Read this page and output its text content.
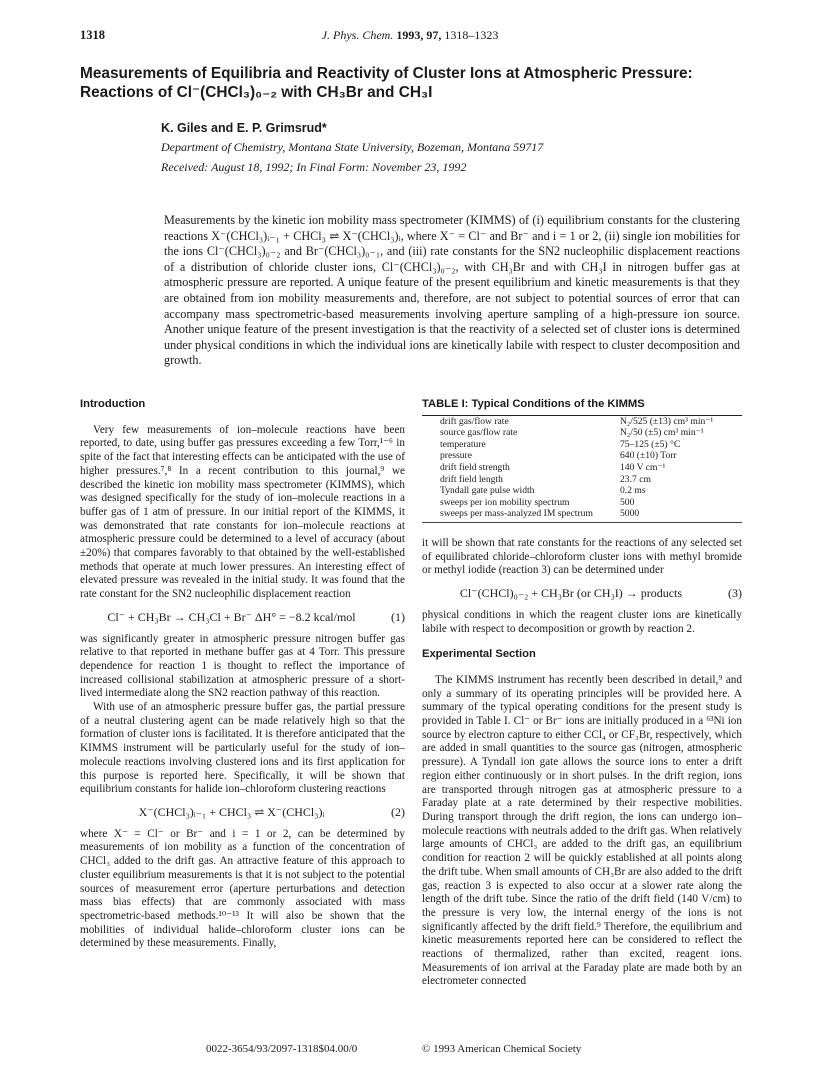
1318	J. Phys. Chem. 1993, 97, 1318–1323
Measurements of Equilibria and Reactivity of Cluster Ions at Atmospheric Pressure: Reactions of Cl⁻(CHCl₃)₀₋₂ with CH₃Br and CH₃I
K. Giles and E. P. Grimsrud*
Department of Chemistry, Montana State University, Bozeman, Montana 59717
Received: August 18, 1992; In Final Form: November 23, 1992
Measurements by the kinetic ion mobility mass spectrometer (KIMMS) of (i) equilibrium constants for the clustering reactions X⁻(CHCl₃)ᵢ₋₁ + CHCl₃ ⇌ X⁻(CHCl₃)ᵢ, where X⁻ = Cl⁻ and Br⁻ and i = 1 or 2, (ii) single ion mobilities for the ions Cl⁻(CHCl₃)₀₋₂ and Br⁻(CHCl₃)₀₋₁, and (iii) rate constants for the SN2 nucleophilic displacement reactions of a distribution of chloride cluster ions, Cl⁻(CHCl₃)₀₋₂, with CH₃Br and with CH₃I in nitrogen buffer gas at atmospheric pressure are reported. A unique feature of the present equilibrium and kinetic measurements is that they are obtained from ion mobility measurements and, therefore, are not subject to potential sources of error that can accompany mass spectrometric-based measurements involving aperture sampling of a high-pressure ion source. Another unique feature of the present investigation is that the reactivity of a selected set of cluster ions is determined under physical conditions in which the individual ions are kinetically labile with respect to cluster decomposition and growth.
Introduction

Very few measurements of ion–molecule reactions have been reported, to date, using buffer gas pressures exceeding a few Torr,¹⁻⁶ in spite of the fact that interesting effects can be anticipated with the use of higher pressures.⁷,⁸ In a recent contribution to this journal,⁹ we described the kinetic ion mobility mass spectrometer (KIMMS), which was designed specifically for the study of ion–molecule reactions in a buffer gas of 1 atm of pressure. In our initial report of the KIMMS, it was demonstrated that rate constants for ion–molecule reactions at atmospheric pressure could be determined to a level of accuracy (about ±20%) that compares favorably to that obtained by the well-established methods that operate at much lower pressures. An interesting effect of elevated pressure was revealed in the initial study. It was found that the rate constant for the SN2 nucleophilic displacement reaction

Cl⁻ + CH₃Br → CH₃Cl + Br⁻ ΔH° = −8.2 kcal/mol	(1)

was significantly greater in atmospheric pressure nitrogen buffer gas relative to that reported in methane buffer gas at 4 Torr. This pressure dependence for reaction 1 is thought to reflect the importance of increased collisional stabilization at atmospheric pressure of a short-lived intermediate along the SN2 reaction pathway of this reaction.

With use of an atmospheric pressure buffer gas, the partial pressure of a neutral clustering agent can be made relatively high so that the formation of cluster ions is facilitated. It is therefore anticipated that the KIMMS instrument will be particularly useful for the study of ion–molecule reactions involving clustered ions and its first application for this purpose is reported here. Specifically, it will be shown that equilibrium constants for halide ion–chloroform clustering reactions

X⁻(CHCl₃)ᵢ₋₁ + CHCl₃ ⇌ X⁻(CHCl₃)ᵢ	(2)

where X⁻ = Cl⁻ or Br⁻ and i = 1 or 2, can be determined by measurements of ion mobility as a function of the concentration of CHCl₃ added to the drift gas. An attractive feature of this approach to cluster equilibrium measurements is that it is not subject to the potential sources of measurement error (aperture perturbations and detection mass bias effects) that are commonly associated with mass spectrometric-based methods.¹⁰⁻¹³ It will also be shown that the mobilities of individual halide–chloroform cluster ions can be determined by these measurements. Finally,

TABLE I: Typical Conditions of the KIMMS
drift gas/flow rate	N₂/525 (±13) cm³ min⁻¹
source gas/flow rate	N₂/50 (±5) cm³ min⁻¹
temperature	75–125 (±5) °C
pressure	640 (±10) Torr
drift field strength	140 V cm⁻¹
drift field length	23.7 cm
Tyndall gate pulse width	0.2 ms
sweeps per ion mobility spectrum	500
sweeps per mass-analyzed IM spectrum	5000

it will be shown that rate constants for the reactions of any selected set of equilibrated chloride–chloroform cluster ions with methyl bromide or methyl iodide (reaction 3) can be determined under

Cl⁻(CHCl)₀₋₂ + CH₃Br (or CH₃I) → products	(3)

physical conditions in which the reagent cluster ions are kinetically labile with respect to decomposition or growth by reaction 2.

Experimental Section

The KIMMS instrument has recently been described in detail,⁹ and only a summary of its operating principles will be provided here. A summary of the typical operating conditions for the present study is provided in Table I. Cl⁻ or Br⁻ ions are initially produced in a ⁶³Ni ion source by electron capture to either CCl₄ or CF₃Br, respectively, which are added in small quantities to the source gas (nitrogen, atmospheric pressure). A Tyndall ion gate allows the source ions to enter a drift region either continuously or in short pulses. In the drift region, ions are transported through nitrogen gas at atmospheric pressure to a Faraday plate at a rate determined by their respective mobilities. During transport through the drift region, the ions can undergo ion–molecule reactions with neutrals added to the drift gas. When relatively large amounts of CHCl₃ are added to the drift gas, an equilibrium condition for reaction 2 will be quickly established at all points along the drift tube. When small amounts of CH₃Br are also added to the drift gas, reaction 3 is expected to also occur at a slower rate along the length of the drift tube. Since the ratio of the drift field (140 V/cm) to the pressure is very low, the internal energy of the ions is not significantly affected by the drift field.⁹ Therefore, the equilibrium and kinetic measurements reported here can be considered to reflect the reactions of thermalized, rather than excited, reagent ions. Measurements of ion arrival at the Faraday plate are made both by an electrometer connected

0022-3654/93/2097-1318$04.00/0	© 1993 American Chemical Society
